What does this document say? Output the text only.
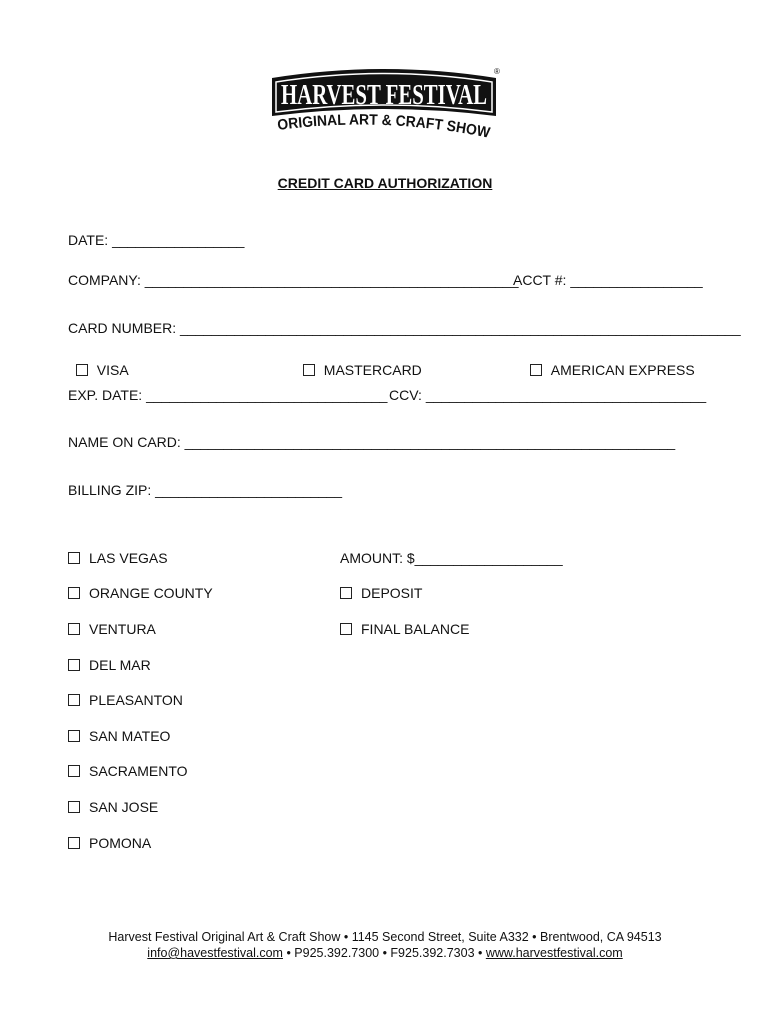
HARVEST FESTIVAL
®
ORIGINAL ART & CRAFT SHOW
CREDIT CARD AUTHORIZATION
DATE: _________________
COMPANY: ________________________________________________
ACCT #: _________________
CARD NUMBER: ________________________________________________________________________

VISA	MASTERCARD	AMERICAN EXPRESS

EXP. DATE: _______________________________ CCV: ____________________________________
NAME ON CARD: _______________________________________________________________
BILLING ZIP: ________________________
LAS VEGAS
ORANGE COUNTY
VENTURA
DEL MAR
PLEASANTON
SAN MATEO
SACRAMENTO
SAN JOSE
POMONA
AMOUNT: $___________________
DEPOSIT
FINAL BALANCE
Harvest Festival Original Art & Craft Show • 1145 Second Street, Suite A332 • Brentwood, CA 94513
info@havestfestival.com • P925.392.7300 • F925.392.7303 • www.harvestfestival.com
